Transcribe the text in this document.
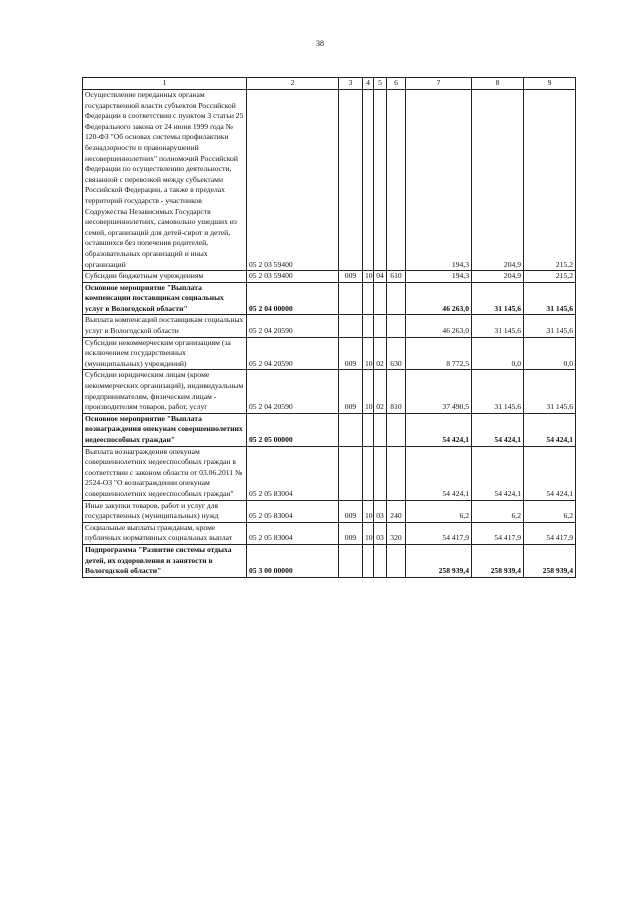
38
1	2	3	4	5	6	7	8	9
Осуществление переданных органам государственной власти субъектов Российской Федерации в соответствии с пунктом 3 статьи 25 Федерального закона от 24 июня 1999 года № 120-ФЗ "Об основах системы профилактики безнадзорности и правонарушений несовершеннолетних" полномочий Российской Федерации по осуществлению деятельности, связанной с перевозкой между субъектами Российской Федерации, а также в пределах территорий государств - участников Содружества Независимых Государств несовершеннолетних, самовольно ушедших из семей, организаций для детей-сирот и детей, оставшихся без попечения родителей, образовательных организаций и иных организаций	05 2 03 59400					194,3	204,9	215,2
Субсидии бюджетным учреждениям	05 2 03 59400	009	10	04	610	194,3	204,9	215,2
Основное мероприятие "Выплата компенсации поставщикам социальных услуг в Вологодской области"	05 2 04 00000					46 263,0	31 145,6	31 145,6
Выплата компенсаций поставщикам социальных услуг в Вологодской области	05 2 04 20590					46 263,0	31 145,6	31 145,6
Субсидии некоммерческим организациям (за исключением государственных (муниципальных) учреждений)	05 2 04 20590	009	10	02	630	8 772,5	0,0	0,0
Субсидии юридическим лицам (кроме некоммерческих организаций), индивидуальным предпринимателям, физическим лицам - производителям товаров, работ, услуг	05 2 04 20590	009	10	02	810	37 490,5	31 145,6	31 145,6
Основное мероприятие "Выплата вознаграждения опекунам совершеннолетних недееспособных граждан"	05 2 05 00000					54 424,1	54 424,1	54 424,1
Выплата вознаграждения опекунам совершеннолетних недееспособных граждан в соответствии с законом области от 03.06.2011 № 2524-ОЗ "О вознаграждении опекунам совершеннолетних недееспособных граждан"	05 2 05 83004					54 424,1	54 424,1	54 424,1
Иные закупки товаров, работ и услуг для государственных (муниципальных) нужд	05 2 05 83004	009	10	03	240	6,2	6,2	6,2
Социальные выплаты гражданам, кроме публичных нормативных социальных выплат	05 2 05 83004	009	10	03	320	54 417,9	54 417,9	54 417,9
Подпрограмма "Развитие системы отдыха детей, их оздоровления и занятости в Вологодской области"	05 3 00 00000					258 939,4	258 939,4	258 939,4
